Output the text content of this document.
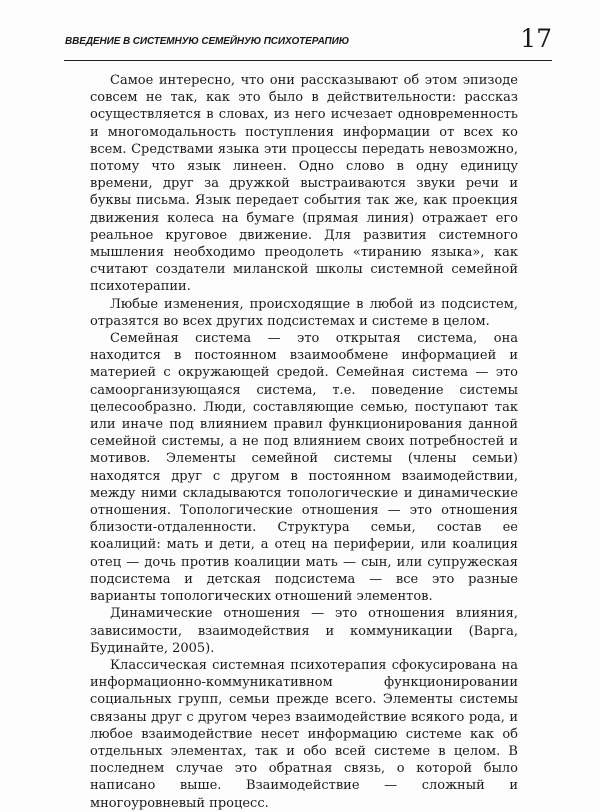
ВВЕДЕНИЕ В СИСТЕМНУЮ СЕМЕЙНУЮ ПСИХОТЕРАПИЮ	17

Самое интересно, что они рассказывают об этом эпизоде совсем не так, как это было в действительности: рассказ осуществляется в словах, из него исчезает одновременность и многомодальность поступления информации от всех ко всем. Средствами языка эти процессы передать невозможно, потому что язык линеен. Одно слово в одну единицу времени, друг за дружкой выстраиваются звуки речи и буквы письма. Язык передает события так же, как проекция движения колеса на бумаге (прямая линия) отражает его реальное круговое движение. Для развития системного мышления необходимо преодолеть «тиранию языка», как считают создатели миланской школы системной семейной психотерапии.

Любые изменения, происходящие в любой из подсистем, отразятся во всех других подсистемах и системе в целом.

Семейная система — это открытая система, она находится в постоянном взаимообмене информацией и материей с окружающей средой. Семейная система — это самоорганизующаяся система, т.е. поведение системы целесообразно. Люди, составляющие семью, поступают так или иначе под влиянием правил функционирования данной семейной системы, а не под влиянием своих потребностей и мотивов. Элементы семейной системы (члены семьи) находятся друг с другом в постоянном взаимодействии, между ними складываются топологические и динамические отношения. Топологические отношения — это отношения близости-отдаленности. Структура семьи, состав ее коалиций: мать и дети, а отец на периферии, или коалиция отец — дочь против коалиции мать — сын, или супружеская подсистема и детская подсистема — все это разные варианты топологических отношений элементов.

Динамические отношения — это отношения влияния, зависимости, взаимодействия и коммуникации (Варга, Будинайте, 2005).

Классическая системная психотерапия сфокусирована на информационно-коммуникативном функционировании социальных групп, семьи прежде всего. Элементы системы связаны друг с другом через взаимодействие всякого рода, и любое взаимодействие несет информацию системе как об отдельных элементах, так и обо всей системе в целом. В последнем случае это обратная связь, о которой было написано выше. Взаимодействие — сложный и многоуровневый процесс.
